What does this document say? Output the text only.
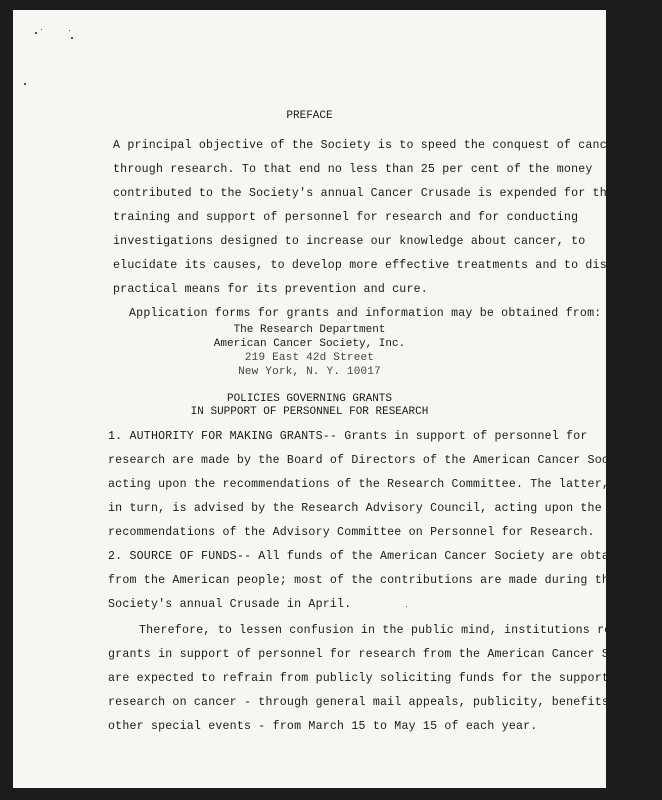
PREFACE
A principal objective of the Society is to speed the conquest of cancer
through research. To that end no less than 25 per cent of the money
contributed to the Society's annual Cancer Crusade is expended for the
training and support of personnel for research and for conducting
investigations designed to increase our knowledge about cancer, to
elucidate its causes, to develop more effective treatments and to discover
practical means for its prevention and cure.
Application forms for grants and information may be obtained from:
The Research Department
American Cancer Society, Inc.
219 East 42d Street
New York, N. Y. 10017
POLICIES GOVERNING GRANTS
IN SUPPORT OF PERSONNEL FOR RESEARCH
1. AUTHORITY FOR MAKING GRANTS-- Grants in support of personnel for
research are made by the Board of Directors of the American Cancer Society,
acting upon the recommendations of the Research Committee. The latter,
in turn, is advised by the Research Advisory Council, acting upon the
recommendations of the Advisory Committee on Personnel for Research.
2. SOURCE OF FUNDS-- All funds of the American Cancer Society are obtained
from the American people; most of the contributions are made during the
Society's annual Crusade in April.
Therefore, to lessen confusion in the public mind, institutions receiving
grants in support of personnel for research from the American Cancer Society
are expected to refrain from publicly soliciting funds for the support of
research on cancer - through general mail appeals, publicity, benefits or
other special events - from March 15 to May 15 of each year.
